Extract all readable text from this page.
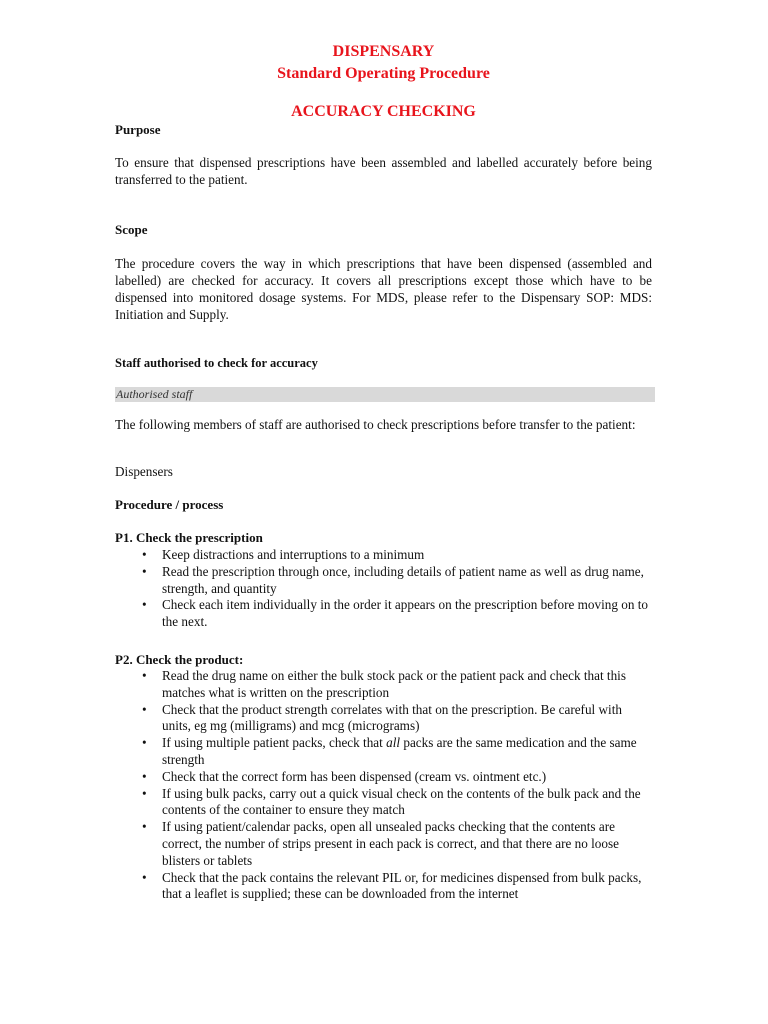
DISPENSARY

Standard Operating Procedure

ACCURACY CHECKING

Purpose
To ensure that dispensed prescriptions have been assembled and labelled accurately before being transferred to the patient.
Scope
The procedure covers the way in which prescriptions that have been dispensed (assembled and labelled) are checked for accuracy. It covers all prescriptions except those which have to be dispensed into monitored dosage systems. For MDS, please refer to the Dispensary SOP: MDS: Initiation and Supply.
Staff authorised to check for accuracy
Authorised staff
The following members of staff are authorised to check prescriptions before transfer to the patient:
Dispensers
Procedure / process
P1. Check the prescription
• Keep distractions and interruptions to a minimum
• Read the prescription through once, including details of patient name as well as drug name, strength, and quantity
• Check each item individually in the order it appears on the prescription before moving on to the next.
P2. Check the product:
• Read the drug name on either the bulk stock pack or the patient pack and check that this matches what is written on the prescription
• Check that the product strength correlates with that on the prescription. Be careful with units, eg mg (milligrams) and mcg (micrograms)
• If using multiple patient packs, check that all packs are the same medication and the same strength
• Check that the correct form has been dispensed (cream vs. ointment etc.)
• If using bulk packs, carry out a quick visual check on the contents of the bulk pack and the contents of the container to ensure they match
• If using patient/calendar packs, open all unsealed packs checking that the contents are correct, the number of strips present in each pack is correct, and that there are no loose blisters or tablets
• Check that the pack contains the relevant PIL or, for medicines dispensed from bulk packs, that a leaflet is supplied; these can be downloaded from the internet
